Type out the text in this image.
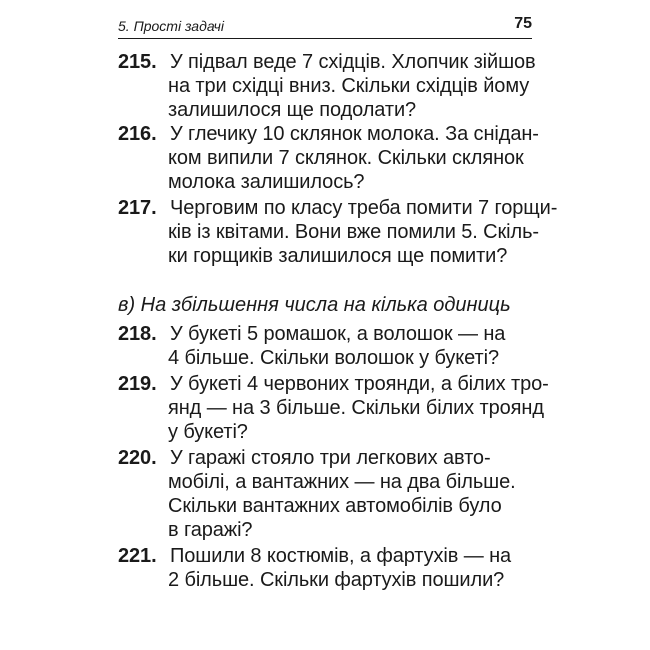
5. Прості задачі	75
215. У підвал веде 7 східців. Хлопчик зійшов
на три східці вниз. Скільки східців йому
залишилося ще подолати?
216. У глечику 10 склянок молока. За снідан-
ком випили 7 склянок. Скільки склянок
молока залишилось?
217. Черговим по класу треба помити 7 горщи-
ків із квітами. Вони вже помили 5. Скіль-
ки горщиків залишилося ще помити?
в) На збільшення числа на кілька одиниць
218. У букеті 5 ромашок, а волошок — на
4 більше. Скільки волошок у букеті?
219. У букеті 4 червоних троянди, а білих тро-
янд — на 3 більше. Скільки білих троянд
у букеті?
220. У гаражі стояло три легкових авто-
мобілі, а вантажних — на два більше.
Скільки вантажних автомобілів було
в гаражі?
221. Пошили 8 костюмів, а фартухів — на
2 більше. Скільки фартухів пошили?
